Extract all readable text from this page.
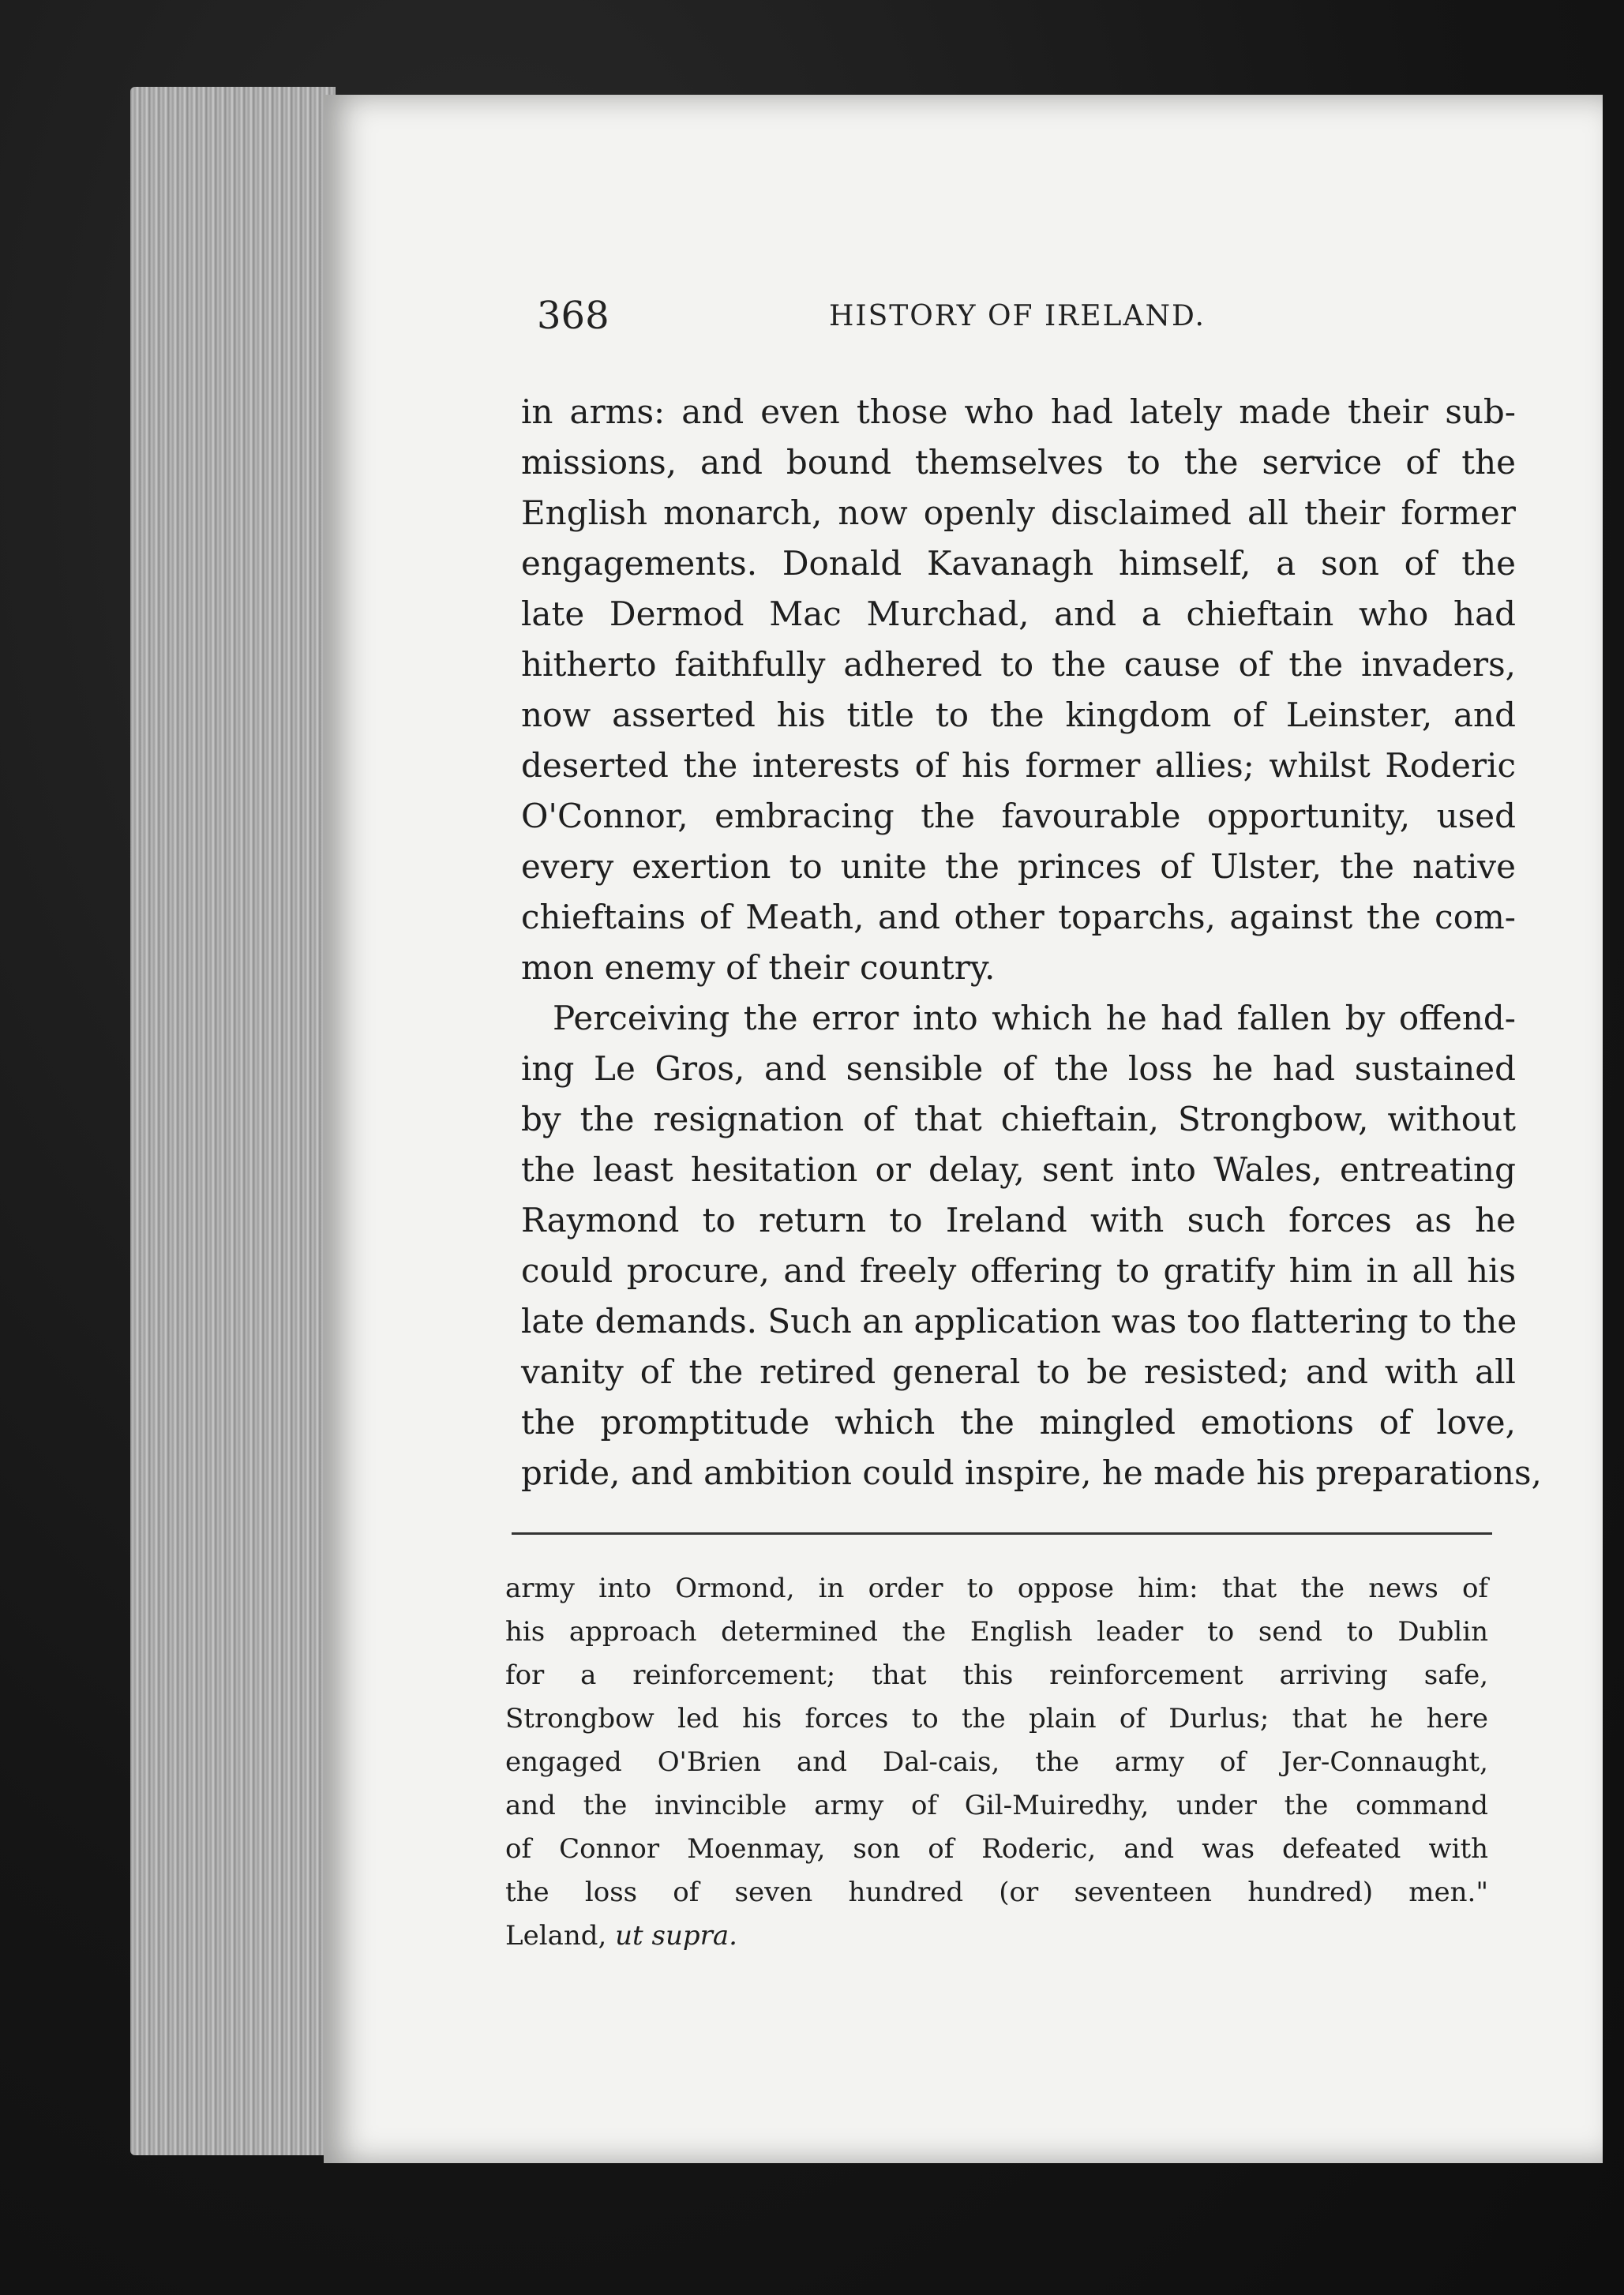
368	HISTORY OF IRELAND.
in arms: and even those who had lately made their sub-
missions, and bound themselves to the service of the
English monarch, now openly disclaimed all their former
engagements. Donald Kavanagh himself, a son of the
late Dermod Mac Murchad, and a chieftain who had
hitherto faithfully adhered to the cause of the invaders,
now asserted his title to the kingdom of Leinster, and
deserted the interests of his former allies; whilst Roderic
O'Connor, embracing the favourable opportunity, used
every exertion to unite the princes of Ulster, the native
chieftains of Meath, and other toparchs, against the com-
mon enemy of their country.
Perceiving the error into which he had fallen by offend-
ing Le Gros, and sensible of the loss he had sustained
by the resignation of that chieftain, Strongbow, without
the least hesitation or delay, sent into Wales, entreating
Raymond to return to Ireland with such forces as he
could procure, and freely offering to gratify him in all his
late demands. Such an application was too flattering to the
vanity of the retired general to be resisted; and with all
the promptitude which the mingled emotions of love,
pride, and ambition could inspire, he made his preparations,
army into Ormond, in order to oppose him: that the news of
his approach determined the English leader to send to Dublin
for a reinforcement; that this reinforcement arriving safe,
Strongbow led his forces to the plain of Durlus; that he here
engaged O'Brien and Dal-cais, the army of Jer-Connaught,
and the invincible army of Gil-Muiredhy, under the command
of Connor Moenmay, son of Roderic, and was defeated with
the loss of seven hundred (or seventeen hundred) men."
Leland, ut supra.
